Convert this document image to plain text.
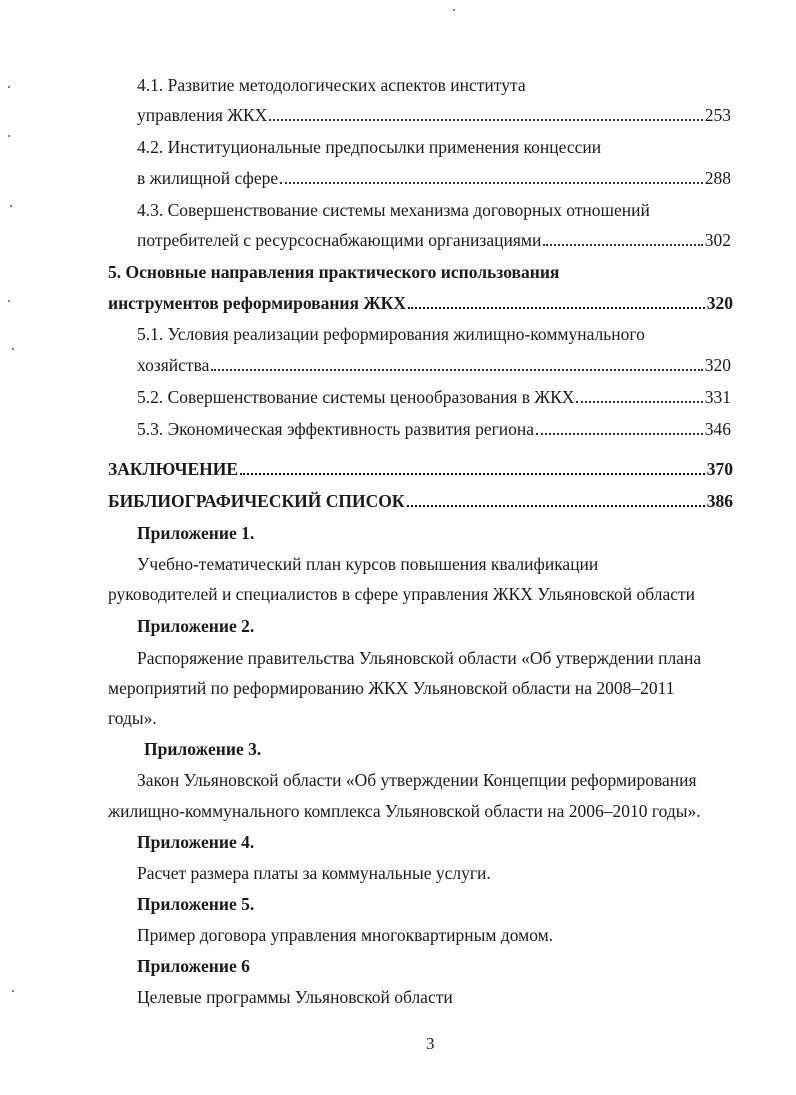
4.1. Развитие методологических аспектов института
управления ЖКХ	253
4.2. Институциональные предпосылки применения концессии
в жилищной сфере	288
4.3. Совершенствование системы механизма договорных отношений
потребителей с ресурсоснабжающими организациями	302
5. Основные направления практического использования
инструментов реформирования ЖКХ	320
5.1. Условия реализации реформирования жилищно-коммунального
хозяйства	320
5.2. Совершенствование системы ценообразования в ЖКХ	331
5.3. Экономическая эффективность развития региона	346
ЗАКЛЮЧЕНИЕ	370
БИБЛИОГРАФИЧЕСКИЙ СПИСОК	386
Приложение 1.
Учебно-тематический план курсов повышения квалификации
руководителей и специалистов в сфере управления ЖКХ Ульяновской области
Приложение 2.
Распоряжение правительства Ульяновской области «Об утверждении плана
мероприятий по реформированию ЖКХ Ульяновской области на 2008–2011
годы».
Приложение 3.
Закон Ульяновской области «Об утверждении Концепции реформирования
жилищно-коммунального комплекса Ульяновской области на 2006–2010 годы».
Приложение 4.
Расчет размера платы за коммунальные услуги.
Приложение 5.
Пример договора управления многоквартирным домом.
Приложение 6
Целевые программы Ульяновской области
3
